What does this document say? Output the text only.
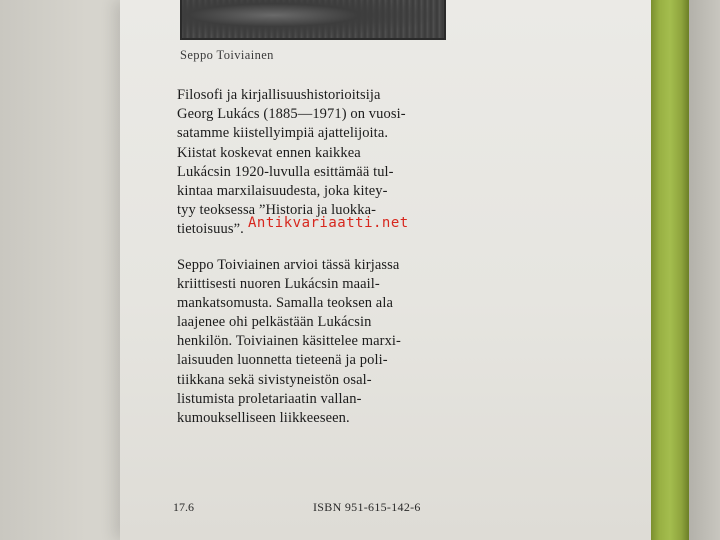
Seppo Toiviainen
Filosofi ja kirjallisuushistorioitsija
Georg Lukács (1885—1971) on vuosi-
satamme kiistellyimpiä ajattelijoita.
Kiistat koskevat ennen kaikkea
Lukácsin 1920-luvulla esittämää tul-
kintaa marxilaisuudesta, joka kitey-
tyy teoksessa ”Historia ja luokka-
tietoisuus”.
Seppo Toiviainen arvioi tässä kirjassa
kriittisesti nuoren Lukácsin maail-
mankatsomusta. Samalla teoksen ala
laajenee ohi pelkästään Lukácsin
henkilön. Toiviainen käsittelee marxi-
laisuuden luonnetta tieteenä ja poli-
tiikkana sekä sivistyneistön osal-
listumista proletariaatin vallan-
kumoukselliseen liikkeeseen.
Antikvariaatti.net
17.6	ISBN 951-615-142-6
